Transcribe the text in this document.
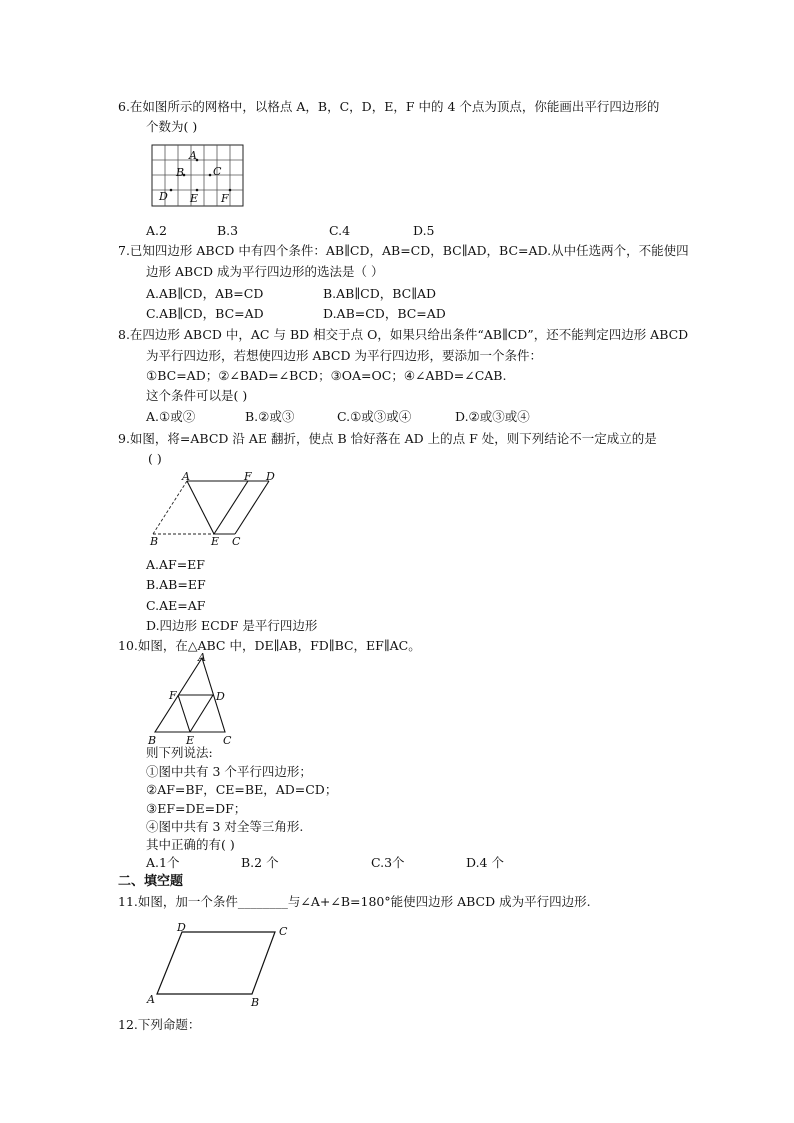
6.在如图所示的网格中，以格点 A，B，C，D，E，F 中的 4 个点为顶点，你能画出平行四边形的
个数为( )
A
B	C
D E F
A.2	B.3	C.4	D.5
7.已知四边形 ABCD 中有四个条件：AB∥CD，AB=CD，BC∥AD，BC=AD.从中任选两个，不能使四
边形 ABCD 成为平行四边形的选法是（ ）
A.AB∥CD，AB=CD	B.AB∥CD，BC∥AD
C.AB∥CD，BC=AD	D.AB=CD，BC=AD
8.在四边形 ABCD 中，AC 与 BD 相交于点 O，如果只给出条件“AB∥CD”，还不能判定四边形 ABCD
为平行四边形，若想使四边形 ABCD 为平行四边形，要添加一个条件：
①BC=AD；②∠BAD=∠BCD；③OA=OC；④∠ABD=∠CAB.
这个条件可以是( )
A.①或②	B.②或③	C.①或③或④	D.②或③或④
9.如图，将=ABCD 沿 AE 翻折，使点 B 恰好落在 AD 上的点 F 处，则下列结论不一定成立的是
( )
A	F D
B	E C
A.AF=EF
B.AB=EF
C.AE=AF
D.四边形 ECDF 是平行四边形
10.如图，在△ABC 中，DE∥AB，FD∥BC，EF∥AC。
A
F	D
B	E	C
则下列说法:
①图中共有 3 个平行四边形；
②AF=BF，CE=BE，AD=CD；
③EF=DE=DF；
④图中共有 3 对全等三角形.
其中正确的有( )
A.1个	B.2 个	C.3个	D.4 个
二、填空题
11.如图，加一个条件________与∠A+∠B=180°能使四边形 ABCD 成为平行四边形.
D	C
A	B
12.下列命题：
